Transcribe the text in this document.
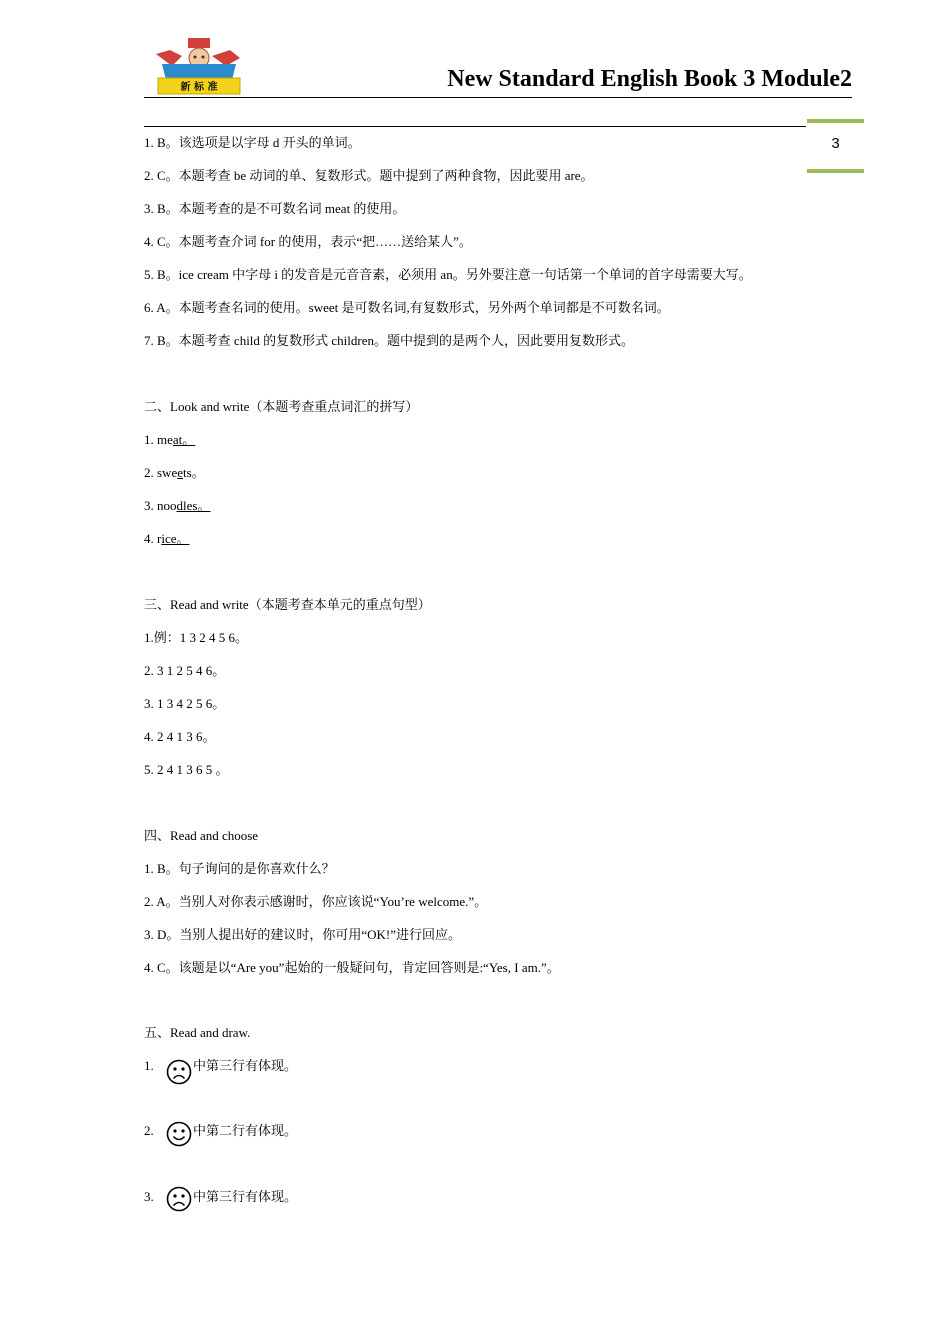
新 标 准	New Standard English Book 3 Module2
3
1. B。该选项是以字母 d 开头的单词。
2. C。本题考查 be 动词的单、复数形式。题中提到了两种食物，因此要用 are。
3. B。本题考查的是不可数名词 meat 的使用。
4. C。本题考查介词 for 的使用，表示“把……送给某人”。
5. B。ice cream 中字母 i 的发音是元音音素，必须用 an。另外要注意一句话第一个单词的首字母需要大写。
6. A。本题考查名词的使用。sweet 是可数名词,有复数形式，另外两个单词都是不可数名词。
7. B。本题考查 child 的复数形式 children。题中提到的是两个人，因此要用复数形式。
二、Look and write（本题考查重点词汇的拼写）
1. meat。
2. sweets。
3. noodles。
4. rice。
三、Read and write（本题考查本单元的重点句型）
1.例：1 3 2 4 5 6。
2. 3 1 2 5 4 6。
3. 1 3 4 2 5 6。
4. 2 4 1 3 6。
5. 2 4 1 3 6 5 。
四、Read and choose
1. B。句子询问的是你喜欢什么？
2. A。当别人对你表示感谢时，你应该说“You’re welcome.”。
3. D。当别人提出好的建议时，你可用“OK!”进行回应。
4. C。该题是以“Are you”起始的一般疑问句，肯定回答则是:“Yes, I am.”。
五、Read and draw.
1.	中第三行有体现。
2.	中第二行有体现。
3.	中第三行有体现。
